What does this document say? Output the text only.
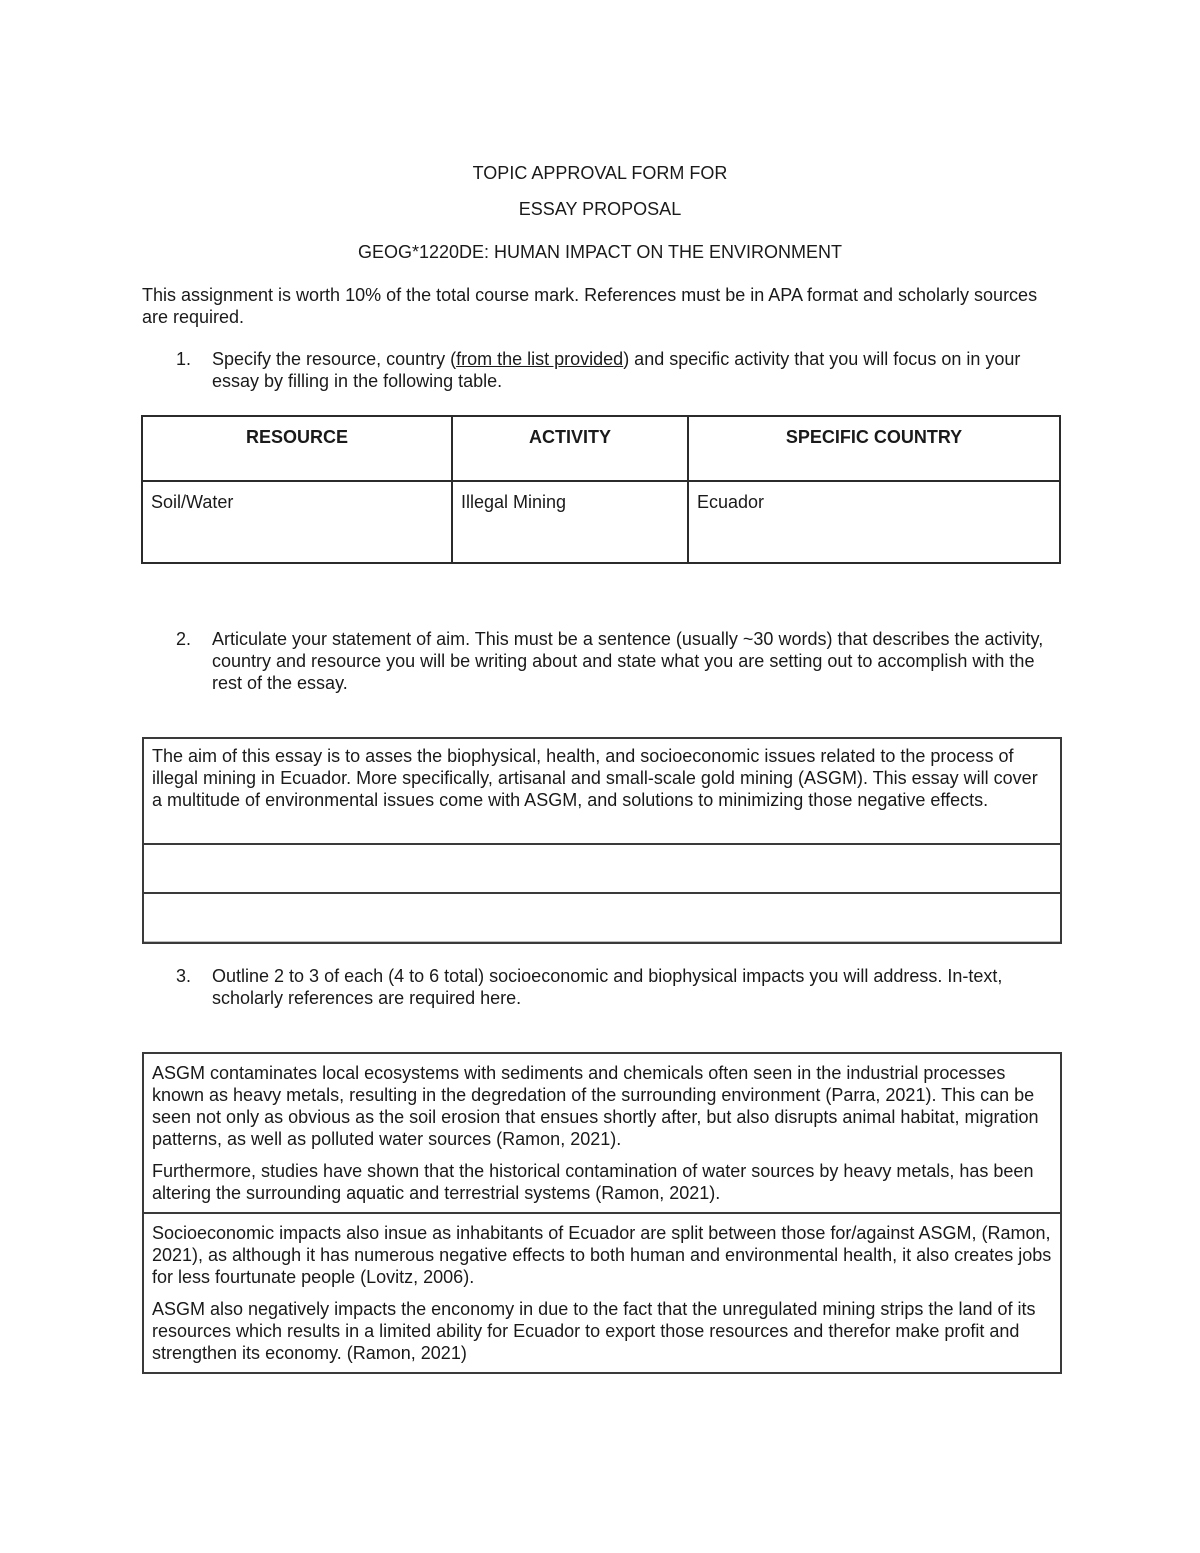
TOPIC APPROVAL FORM FOR
ESSAY PROPOSAL
GEOG*1220DE: HUMAN IMPACT ON THE ENVIRONMENT
This assignment is worth 10% of the total course mark. References must be in APA format and scholarly sources are required.
1. Specify the resource, country (from the list provided) and specific activity that you will focus on in your essay by filling in the following table.
RESOURCE	ACTIVITY	SPECIFIC COUNTRY
Soil/Water	Illegal Mining	Ecuador
2. Articulate your statement of aim. This must be a sentence (usually ~30 words) that describes the activity, country and resource you will be writing about and state what you are setting out to accomplish with the rest of the essay.
The aim of this essay is to asses the biophysical, health, and socioeconomic issues related to the process of illegal mining in Ecuador. More specifically, artisanal and small-scale gold mining (ASGM). This essay will cover a multitude of environmental issues come with ASGM, and solutions to minimizing those negative effects.
3. Outline 2 to 3 of each (4 to 6 total) socioeconomic and biophysical impacts you will address. In-text, scholarly references are required here.

ASGM contaminates local ecosystems with sediments and chemicals often seen in the industrial processes known as heavy metals, resulting in the degredation of the surrounding environment (Parra, 2021). This can be seen not only as obvious as the soil erosion that ensues shortly after, but also disrupts animal habitat, migration patterns, as well as polluted water sources (Ramon, 2021).

Furthermore, studies have shown that the historical contamination of water sources by heavy metals, has been altering the surrounding aquatic and terrestrial systems (Ramon, 2021).

Socioeconomic impacts also insue as inhabitants of Ecuador are split between those for/against ASGM, (Ramon, 2021), as although it has numerous negative effects to both human and environmental health, it also creates jobs for less fourtunate people (Lovitz, 2006).

ASGM also negatively impacts the enconomy in due to the fact that the unregulated mining strips the land of its resources which results in a limited ability for Ecuador to export those resources and therefor make profit and strengthen its economy. (Ramon, 2021)
